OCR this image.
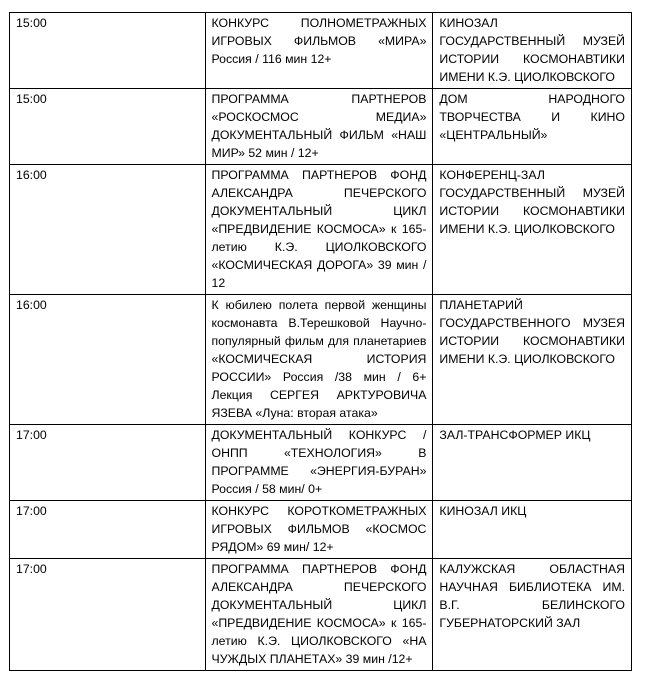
15:00	КОНКУРС ПОЛНОМЕТРАЖНЫХ ИГРОВЫХ ФИЛЬМОВ «МИРА» Россия / 116 мин 12+	КИНОЗАЛ ГОСУДАРСТВЕННЫЙ МУЗЕЙ ИСТОРИИ КОСМОНАВТИКИ ИМЕНИ К.Э. ЦИОЛКОВСКОГО
15:00	ПРОГРАММА ПАРТНЕРОВ «РОСКОСМОС МЕДИА» ДОКУМЕНТАЛЬНЫЙ ФИЛЬМ «НАШ МИР» 52 мин / 12+	ДОМ НАРОДНОГО ТВОРЧЕСТВА И КИНО «ЦЕНТРАЛЬНЫЙ»
16:00	ПРОГРАММА ПАРТНЕРОВ ФОНД АЛЕКСАНДРА ПЕЧЕРСКОГО ДОКУМЕНТАЛЬНЫЙ ЦИКЛ «ПРЕДВИДЕНИЕ КОСМОСА» к 165-летию К.Э. ЦИОЛКОВСКОГО «КОСМИЧЕСКАЯ ДОРОГА» 39 мин / 12	КОНФЕРЕНЦ-ЗАЛ ГОСУДАРСТВЕННЫЙ МУЗЕЙ ИСТОРИИ КОСМОНАВТИКИ ИМЕНИ К.Э. ЦИОЛКОВСКОГО
16:00	К юбилею полета первой женщины космонавта В.Терешковой Научно-популярный фильм для планетариев «КОСМИЧЕСКАЯ ИСТОРИЯ РОССИИ» Россия /38 мин / 6+ Лекция СЕРГЕЯ АРКТУРОВИЧА ЯЗЕВА «Луна: вторая атака»	ПЛАНЕТАРИЙ ГОСУДАРСТВЕННОГО МУЗЕЯ ИСТОРИИ КОСМОНАВТИКИ ИМЕНИ К.Э. ЦИОЛКОВСКОГО
17:00	ДОКУМЕНТАЛЬНЫЙ КОНКУРС / ОНПП «ТЕХНОЛОГИЯ» В ПРОГРАММЕ «ЭНЕРГИЯ-БУРАН» Россия / 58 мин/ 0+	ЗАЛ-ТРАНСФОРМЕР ИКЦ
17:00	КОНКУРС КОРОТКОМЕТРАЖНЫХ ИГРОВЫХ ФИЛЬМОВ «КОСМОС РЯДОМ» 69 мин/ 12+	КИНОЗАЛ ИКЦ
17:00	ПРОГРАММА ПАРТНЕРОВ ФОНД АЛЕКСАНДРА ПЕЧЕРСКОГО ДОКУМЕНТАЛЬНЫЙ ЦИКЛ «ПРЕДВИДЕНИЕ КОСМОСА» к 165-летию К.Э. ЦИОЛКОВСКОГО «НА ЧУЖДЫХ ПЛАНЕТАХ» 39 мин /12+	КАЛУЖСКАЯ ОБЛАСТНАЯ НАУЧНАЯ БИБЛИОТЕКА ИМ. В.Г. БЕЛИНСКОГО ГУБЕРНАТОРСКИЙ ЗАЛ
